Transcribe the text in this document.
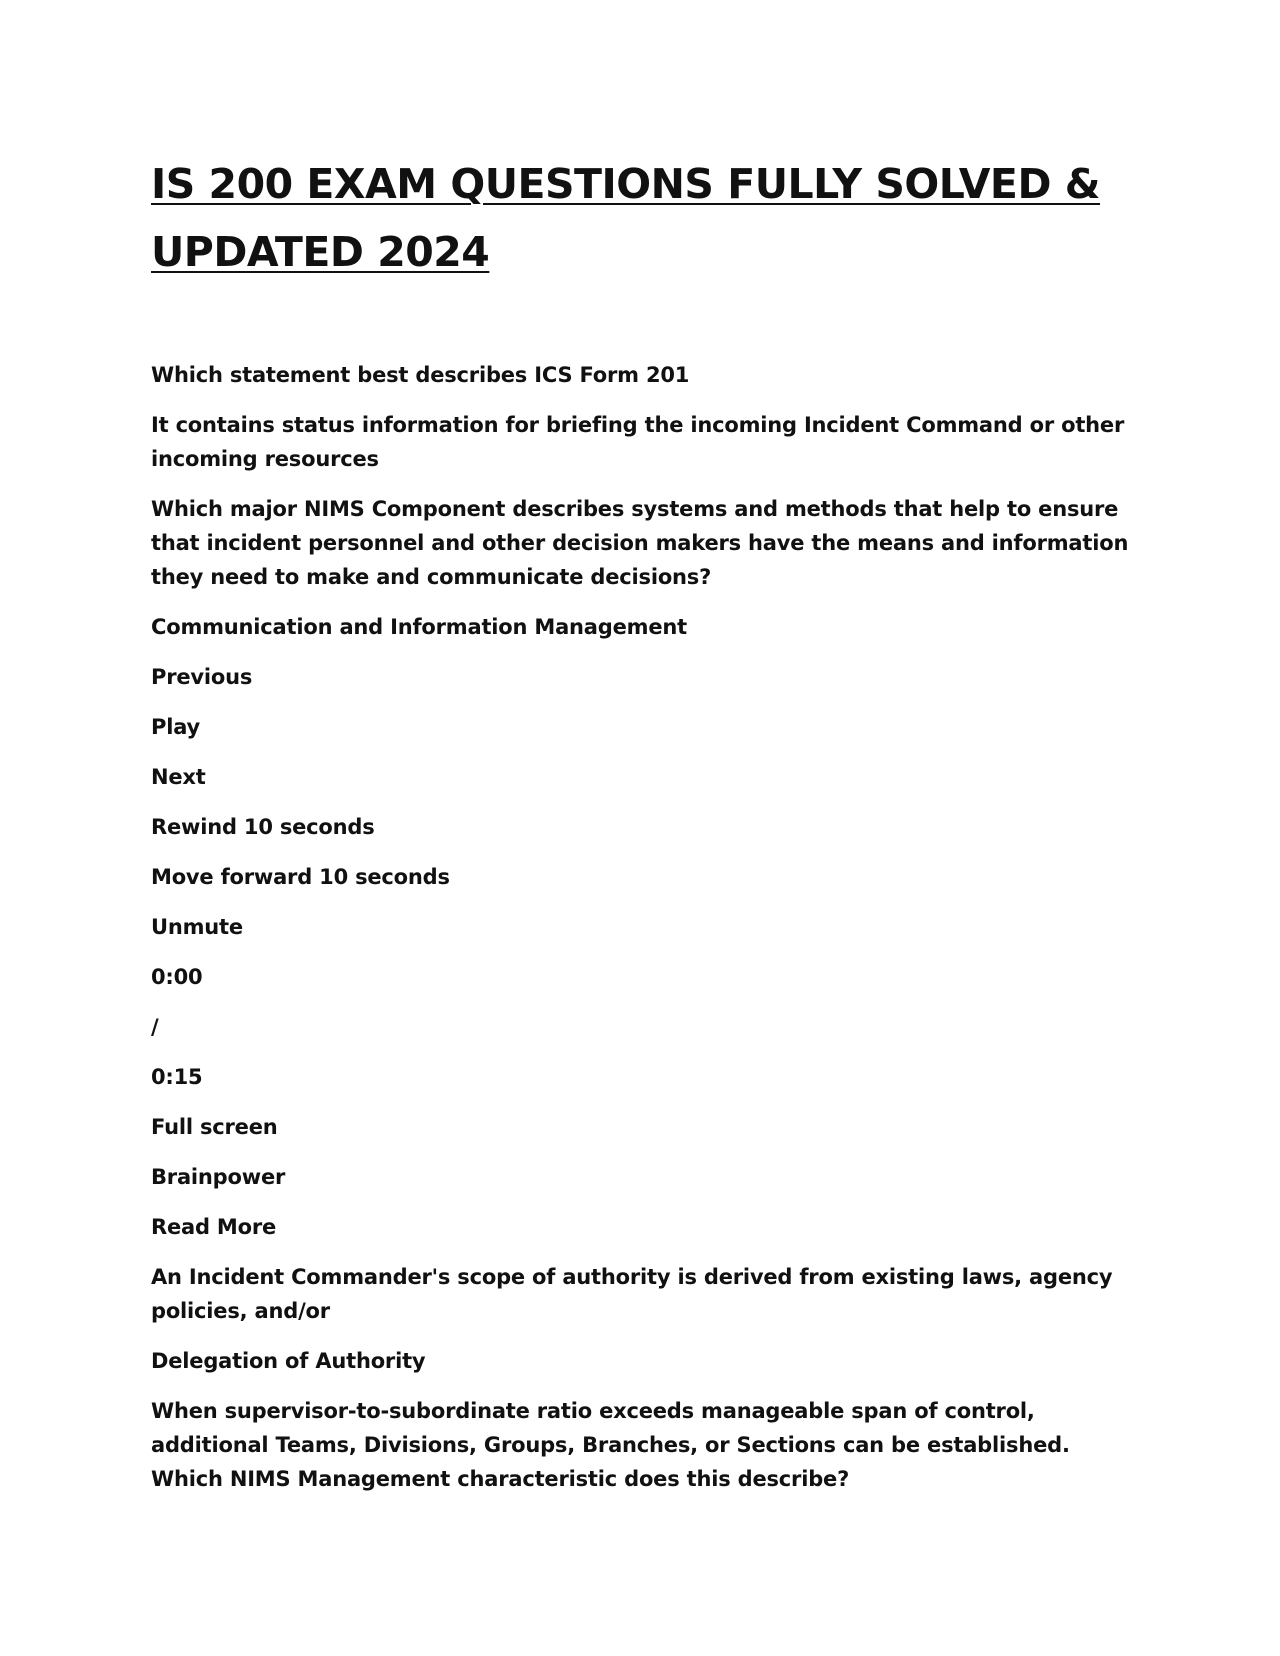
IS 200 EXAM QUESTIONS FULLY SOLVED &
UPDATED 2024

Which statement best describes ICS Form 201

It contains status information for briefing the incoming Incident Command or other incoming resources

Which major NIMS Component describes systems and methods that help to ensure that incident personnel and other decision makers have the means and information they need to make and communicate decisions?

Communication and Information Management

Previous

Play

Next

Rewind 10 seconds

Move forward 10 seconds

Unmute

0:00

/

0:15

Full screen

Brainpower

Read More

An Incident Commander's scope of authority is derived from existing laws, agency policies, and/or

Delegation of Authority

When supervisor-to-subordinate ratio exceeds manageable span of control, additional Teams, Divisions, Groups, Branches, or Sections can be established. Which NIMS Management characteristic does this describe?
